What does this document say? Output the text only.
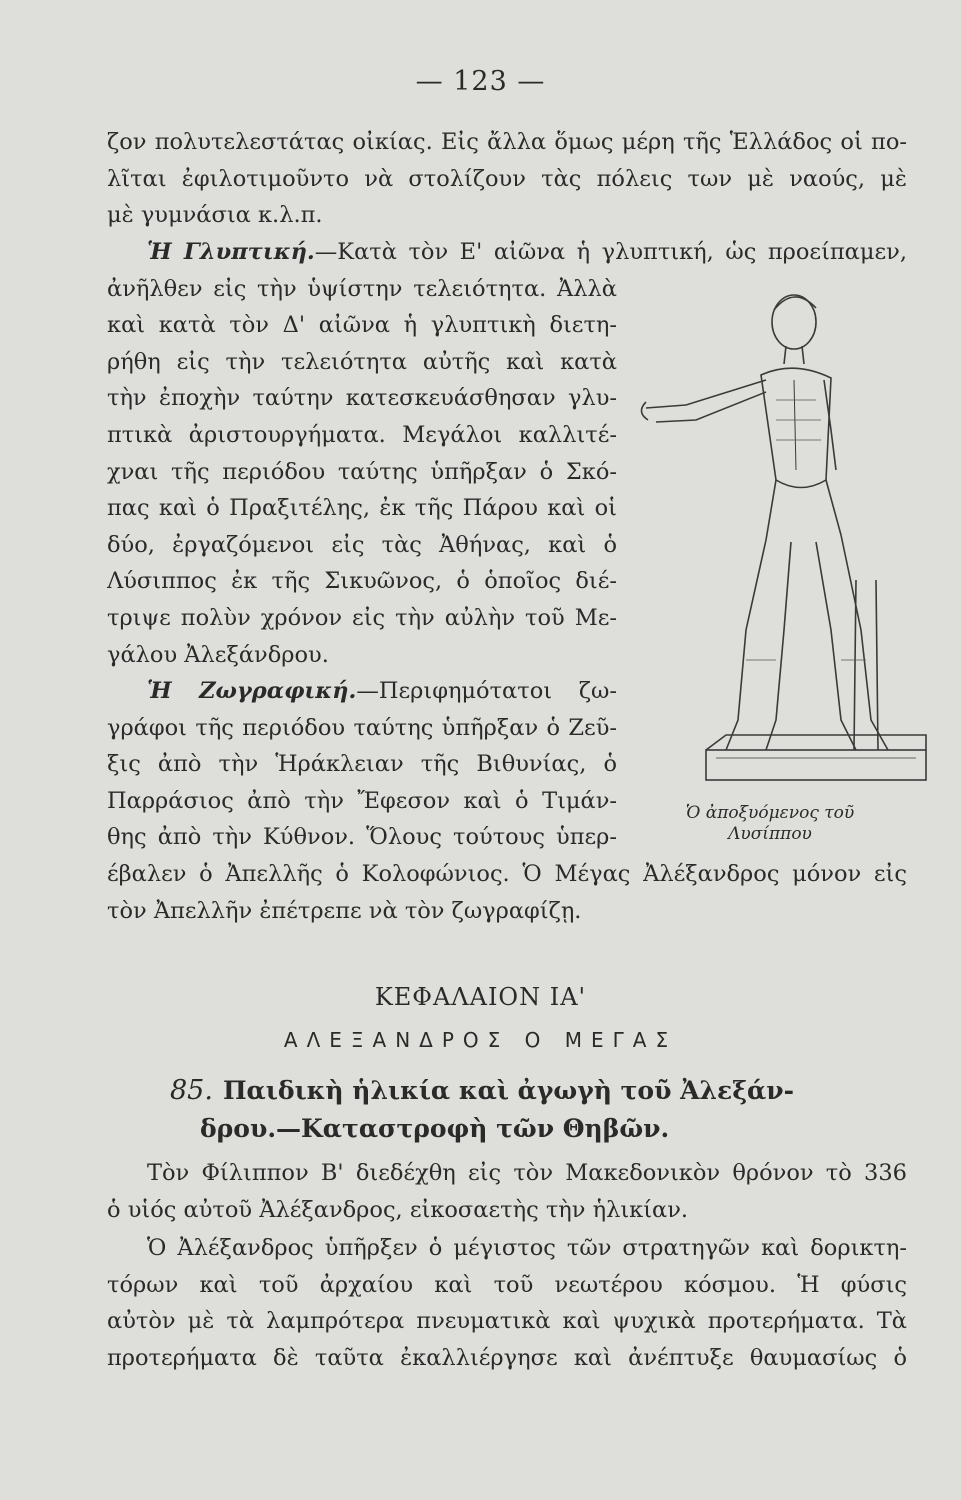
— 123 —
ζον πολυτελεστάτας οἰκίας. Εἰς ἄλλα ὅμως μέρη τῆς Ἑλλάδος οἱ πο-
λῖται ἐφιλοτιμοῦντο νὰ στολίζουν τὰς πόλεις των μὲ ναούς, μὲ
μὲ γυμνάσια κ.λ.π.
Ἡ Γλυπτική.—Κατὰ τὸν Ε' αἰῶνα ἡ γλυπτική, ὡς προείπαμεν,
ἀνῆλθεν εἰς τὴν ὑψίστην τελειότητα. Ἀλλὰ
καὶ κατὰ τὸν Δ' αἰῶνα ἡ γλυπτικὴ διετη-
ρήθη εἰς τὴν τελειότητα αὐτῆς καὶ κατὰ
τὴν ἐποχὴν ταύτην κατεσκευάσθησαν γλυ-
πτικὰ ἀριστουργήματα. Μεγάλοι καλλιτέ-
χναι τῆς περιόδου ταύτης ὑπῆρξαν ὁ Σκό-
πας καὶ ὁ Πραξιτέλης, ἐκ τῆς Πάρου καὶ οἱ
δύο, ἐργαζόμενοι εἰς τὰς Ἀθήνας, καὶ ὁ
Λύσιππος ἐκ τῆς Σικυῶνος, ὁ ὁποῖος διέ-
τριψε πολὺν χρόνον εἰς τὴν αὐλὴν τοῦ Με-
γάλου Ἀλεξάνδρου.
Ἡ Ζωγραφική.—Περιφημότατοι ζω-
γράφοι τῆς περιόδου ταύτης ὑπῆρξαν ὁ Ζεῦ-
ξις ἀπὸ τὴν Ἡράκλειαν τῆς Βιθυνίας, ὁ
Παρράσιος ἀπὸ τὴν Ἔφεσον καὶ ὁ Τιμάν-
θης ἀπὸ τὴν Κύθνον. Ὅλους τούτους ὑπερ-
έβαλεν ὁ Ἀπελλῆς ὁ Κολοφώνιος. Ὁ Μέγας Ἀλέξανδρος μόνον εἰς
τὸν Ἀπελλῆν ἐπέτρεπε νὰ τὸν ζωγραφίζῃ.
Ὁ ἀποξυόμενος τοῦ
Λυσίππου
ΚΕΦΑΛΑΙΟΝ ΙΑ'
ΑΛΕΞΑΝΔΡΟΣ Ο ΜΕΓΑΣ
85. Παιδικὴ ἡλικία καὶ ἀγωγὴ τοῦ Ἀλεξάν-
δρου.—Καταστροφὴ τῶν Θηβῶν.
Τὸν Φίλιππον Β' διεδέχθη εἰς τὸν Μακεδονικὸν θρόνον τὸ 336
ὁ υἱός αὐτοῦ Ἀλέξανδρος, εἰκοσαετὴς τὴν ἡλικίαν.
Ὁ Ἀλέξανδρος ὑπῆρξεν ὁ μέγιστος τῶν στρατηγῶν καὶ δορικτη-
τόρων καὶ τοῦ ἀρχαίου καὶ τοῦ νεωτέρου κόσμου. Ἡ φύσις
αὐτὸν μὲ τὰ λαμπρότερα πνευματικὰ καὶ ψυχικὰ προτερήματα. Τὰ
προτερήματα δὲ ταῦτα ἐκαλλιέργησε καὶ ἀνέπτυξε θαυμασίως ὁ
